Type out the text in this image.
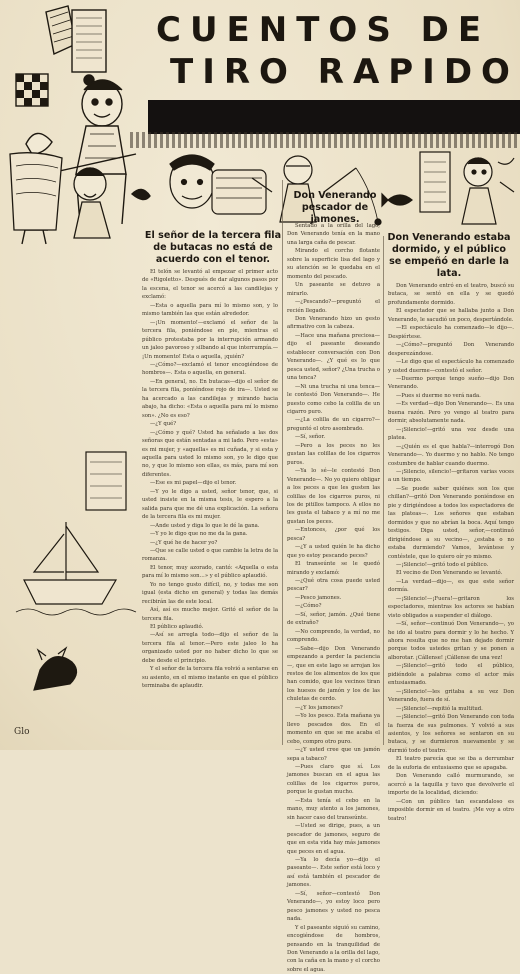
CUENTOS DE
TIRO RAPIDO
El señor de la tercera fila de butacas no está de acuerdo con el tenor.
Don Venerando pescador de jamones.
Don Venerando estaba dormido, y el público se empeñó en darle la lata.
Glo

El telón se levantó al empezar el primer acto de «Rigoletto». Después de dar algunos pasos por la escena, el tenor se acercó a las candilejas y exclamó:

—Esta o aquella para mí lo mismo son, y lo mismo también las que están alrededor.

—¡Un momento!—exclamó el señor de la tercera fila, poniéndose en pie, mientras el público protestaba por la interrupción armando un jaleo pavoroso y silbando al que interrumpía.—¡Un momento! Esta o aquella, ¡quién?

—¿Cómo?—exclamó el tenor encogiéndose de hombros—. Esta o aquella, en general.

—En general, no. En butacas—dijo el señor de la tercera fila, poniéndose rojo de ira—. Usted se ha acercado a las candilejas y mirando hacia abajo, ha dicho: «Esta o aquella para mí lo mismo son». ¿No es eso?

—¿Y qué?

—¿Cómo y qué? Usted ha señalado a las dos señoras que están sentadas a mi lado. Pero «esta» es mi mujer, y «aquella» es mi cuñada, y si esta y aquella para usted lo mismo son, yo le digo que no, y que lo mismo son ellas, es más, para mí son diferentes.

—Ese es mi papel—dijo el tenor.

—Y yo le digo a usted, señor tenor, que, si usted insiste en la misma tesis, le espero a la salida para que me dé una explicación. La señora de la tercera fila es mi mujer.

—Ande usted y diga lo que le dé la gana.

—Y yo le digo que no me da la gana.

—¿Y qué he de hacer yo?

—Que se calle usted o que cambie la letra de la romanza.

El tenor, muy azorado, cantó: «Aquella o esta para mí lo mismo son…» y el público aplaudió.

Yo no tengo gusto difícil, no, y todas me son igual (esta dicho en general) y todas las demás recibirán las de este local.

Así, así es mucho mejor. Gritó el señor de la tercera fila.

El público aplaudió.

—Así se arregla todo—dijo el señor de la tercera fila al tenor.—Pero este jaleo lo ha organizado usted por no haber dicho lo que se debe desde el principio.

Y el señor de la tercera fila volvió a sentarse en su asiento, en el mismo instante en que el público terminaba de aplaudir.

Sentado a la orilla del lago, Don Venerando tenía en la mano una larga caña de pescar.

Mirando el corcho flotante sobre la superficie lisa del lago y su atención se le quedaba en el momento del pescado.

Un paseante se detuvo a mirarlo.

—¿Pescando?—preguntó el recién llegado.

Don Venerando hizo un gesto afirmativo con la cabeza.

—Hace una mañana preciosa—dijo el paseante deseando establecer conversación con Don Venerando—. ¿Y qué es lo que pesca usted, señor? ¿Una trucha o una tenca?

—Ni una trucha ni una tenca—le contestó Don Venerando—. He puesto como cebo la colilla de un cigarro puro.

—¿La colilla de un cigarro?—preguntó el otro asombrado.

—Sí, señor.

—Pero a los peces no les gustan las colillas de los cigarros puros.

—Ya lo sé—le contestó Don Venerando—. No yo quiero obligar a los peces a que les gusten las colillas de los cigarros puros, ni los de pitillos tampoco. A ellos no les gusta el tabaco y a mí no me gustan los peces.

—Entonces, ¿por qué los pesca?

—¿Y a usted quién le ha dicho que yo estoy pescando peces?

El transeúnte se le quedó mirando y exclamó:

—¿Qué otra cosa puede usted pescar?

—Pesco jamones.

—¿Cómo?

—Sí, señor, jamón. ¿Qué tiene de extraño?

—No comprendo, la verdad, no comprendo.

—Sabe—dijo Don Venerando empezando a perder la paciencia—, que en este lago se arrojan los restos de los alimentos de los que han comido, que los vecinos tiran los huesos de jamón y los de las chuletas de cerdo.

—¿Y los jamones?

—Yo los pesco. Esta mañana ya llevo pescados dos. En el momento en que se me acaba el cebo, compro otro puro.

—¿Y usted cree que un jamón sepa a tabaco?

—Pues claro que sí. Los jamones buscan en el agua las colillas de los cigarros puros, porque le gustan mucho.

—Esta tenía el cebo en la mano, muy atento a los jamones, sin hacer caso del transeúnte.

—Usted se dirige, pues, a un pescador de jamones, seguro de que en esta vida hay más jamones que peces en el agua.

—Ya lo decía yo—dijo el paseante—. Este señor está loco y así está también el pescador de jamones.

—Sí, señor—contestó Don Venerando—, yo estoy loco pero pesco jamones y usted no pesca nada.

Y el paseante siguió su camino, encogiéndose de hombros, pensando en la tranquilidad de Don Venerando a la orilla del lago, con la caña en la mano y el corcho sobre el agua.

Don Venerando entró en el teatro, buscó su butaca, se sentó en ella y se quedó profundamente dormido.

El espectador que se hallaba junto a Don Venerando, le sacudió un poco, despertándole.

—El espectáculo ha comenzado—le dijo—. Despiértese.

—¿Cómo?—preguntó Don Venerando desperezándose.

—Le digo que el espectáculo ha comenzado y usted duerme—contestó el señor.

—Duermo porque tengo sueño—dijo Don Venerando.

—Pues si duerme no verá nada.

—Es verdad—dijo Don Venerando—. Es una buena razón. Pero yo vengo al teatro para dormir, absolutamente nada.

—¡Silencio!—gritó una voz desde una platea.

—¿Quién es el que habla?—interrogó Don Venerando—. Yo duermo y no hablo. No tengo costumbre de hablar cuando duermo.

—¡Silencio, silencio!—gritaron varias voces a un tiempo.

—Se puede saber quiénes son los que chillan?—gritó Don Venerando poniéndose en pie y dirigiéndose a todos los espectadores de las plateas—. Los señores que estaban dormidos y que no abrían la boca. Aquí tengo testigos. Diga usted, señor,—continuó dirigiéndose a su vecino—, ¿estaba o no estaba durmiendo? Vamos, levántese y contéstele, que lo quiero oír yo mismo.

—¡Silencio!—gritó todo el público.

El vecino de Don Venerando se levantó.

—La verdad—dijo—, es que este señor dormía.

—¡Silencio!—¡Fuera!—gritaron los espectadores, mientras los actores se habían visto obligados a suspender el diálogo.

—Sí, señor—continuó Don Venerando—, yo he ido al teatro para dormir y lo he hecho. Y ahora resulta que no me han dejado dormir porque todos ustedes gritan y se ponen a alborotar. ¡Cállense! ¡Cállense de una vez!

—¡Silencio!—gritó todo el público, pidiéndole a palabras como el actor más entusiasmado.

—¡Silencio!—les gritaba a su vez Don Venerando, fuera de sí.

—¡Silencio!—repitió la multitud.

—¡Silencio!—gritó Don Venerando con toda la fuerza de sus pulmones. Y volvió a sus asientos, y los señores se sentaron en su butaca, y se durmieron nuevamente y se durmió todo el teatro.

El teatro parecía que se iba a derrumbar de la euforia de entusiasmo que se apagaba.

Don Venerando calló murmurando, se acercó a la taquilla y tuvo que devolverle el importe de la localidad, diciendo:

—Con un público tan escandaloso es imposible dormir en el teatro. ¡Me voy a otro teatro!
